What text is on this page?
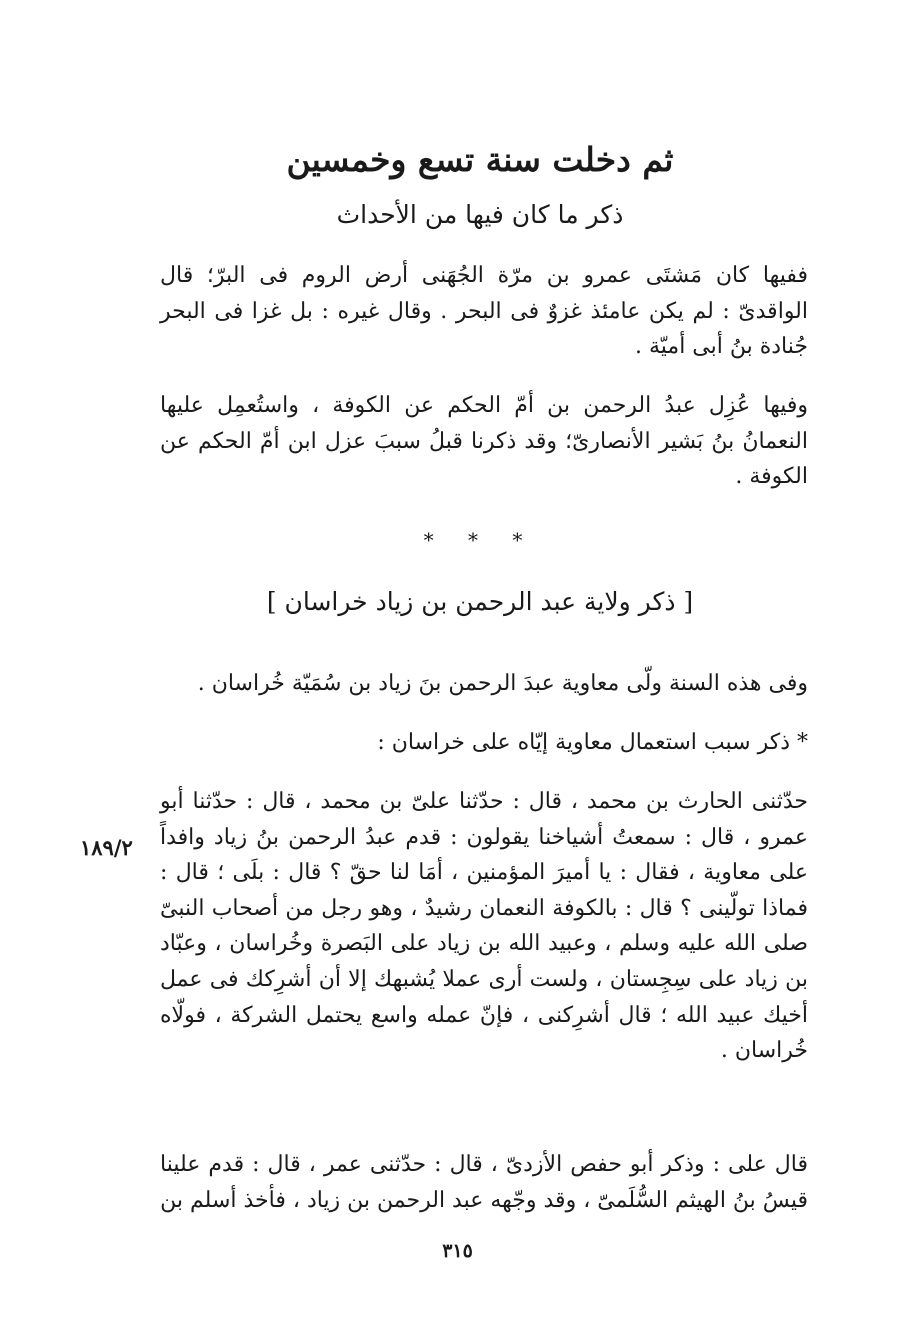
ثم دخلت سنة تسع وخمسين
ذكر ما كان فيها من الأحداث
ففيها كان مَشتَى عمرو بن مرّة الجُهَنى أرض الروم فى البرّ؛ قال الواقدىّ : لم يكن عامئذ غزوٌ فى البحر . وقال غيره : بل غزا فى البحر جُنادة بنُ أبى أميّة .
وفيها عُزِل عبدُ الرحمن بن أمّ الحكم عن الكوفة ، واستُعمِل عليها النعمانُ بنُ بَشير الأنصارىّ؛ وقد ذكرنا قبلُ سببَ عزل ابن أمّ الحكم عن الكوفة .
* * *
[ ذكر ولاية عبد الرحمن بن زياد خراسان ]
وفى هذه السنة ولّى معاوية عبدَ الرحمن بنَ زياد بن سُمَيّة خُراسان .
* ذكر سبب استعمال معاوية إيّاه على خراسان :
حدّثنى الحارث بن محمد ، قال : حدّثنا علىّ بن محمد ، قال : حدّثنا أبو عمرو ، قال : سمعتُ أشياخنا يقولون : قدم عبدُ الرحمن بنُ زياد وافداً على معاوية ، فقال : يا أميرَ المؤمنين ، أمَا لنا حقّ ؟ قال : بلَى ؛ قال : فماذا تولّينى ؟ قال : بالكوفة النعمان رشيدٌ ، وهو رجل من أصحاب النبىّ صلى الله عليه وسلم ، وعبيد الله بن زياد على البَصرة وخُراسان ، وعبّاد بن زياد على سِجِستان ، ولست أرى عملا يُشبهك إلا أن أشرِكك فى عمل أخيك عبيد الله ؛ قال أشرِكنى ، فإنّ عمله واسع يحتمل الشركة ، فولّاه خُراسان .
١٨٩/٢
قال على : وذكر أبو حفص الأزدىّ ، قال : حدّثنى عمر ، قال : قدم علينا قيسُ بنُ الهيثم السُّلَمىّ ، وقد وجّهه عبد الرحمن بن زياد ، فأخذ أسلم بن
٣١٥
